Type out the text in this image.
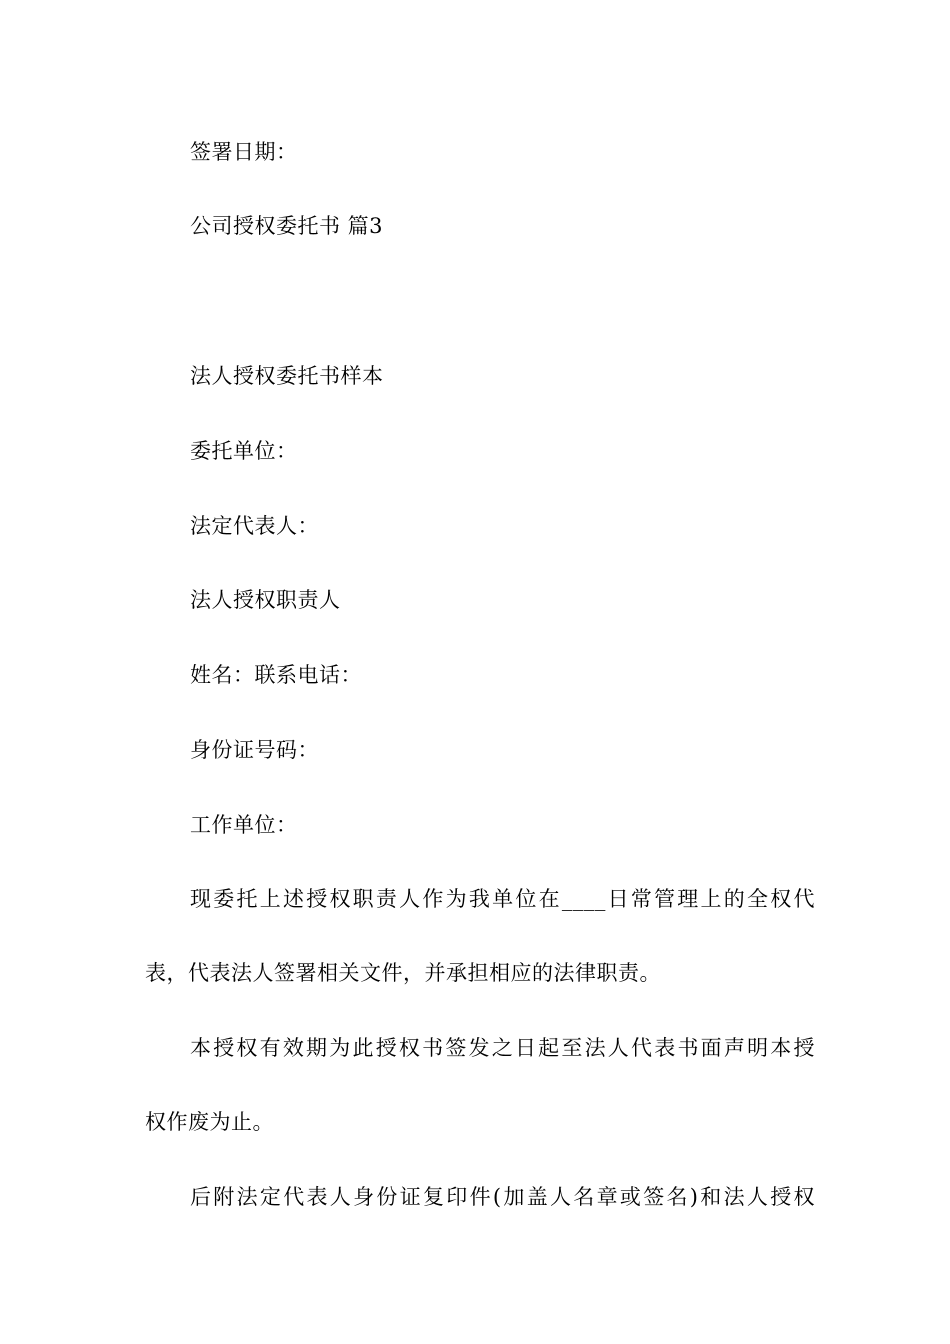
签署日期：
公司授权委托书 篇3
法人授权委托书样本
委托单位：
法定代表人：
法人授权职责人
姓名：联系电话：
身份证号码：
工作单位：
现委托上述授权职责人作为我单位在____日常管理上的全权代
表，代表法人签署相关文件，并承担相应的法律职责。
本授权有效期为此授权书签发之日起至法人代表书面声明本授
权作废为止。
后附法定代表人身份证复印件(加盖人名章或签名)和法人授权
